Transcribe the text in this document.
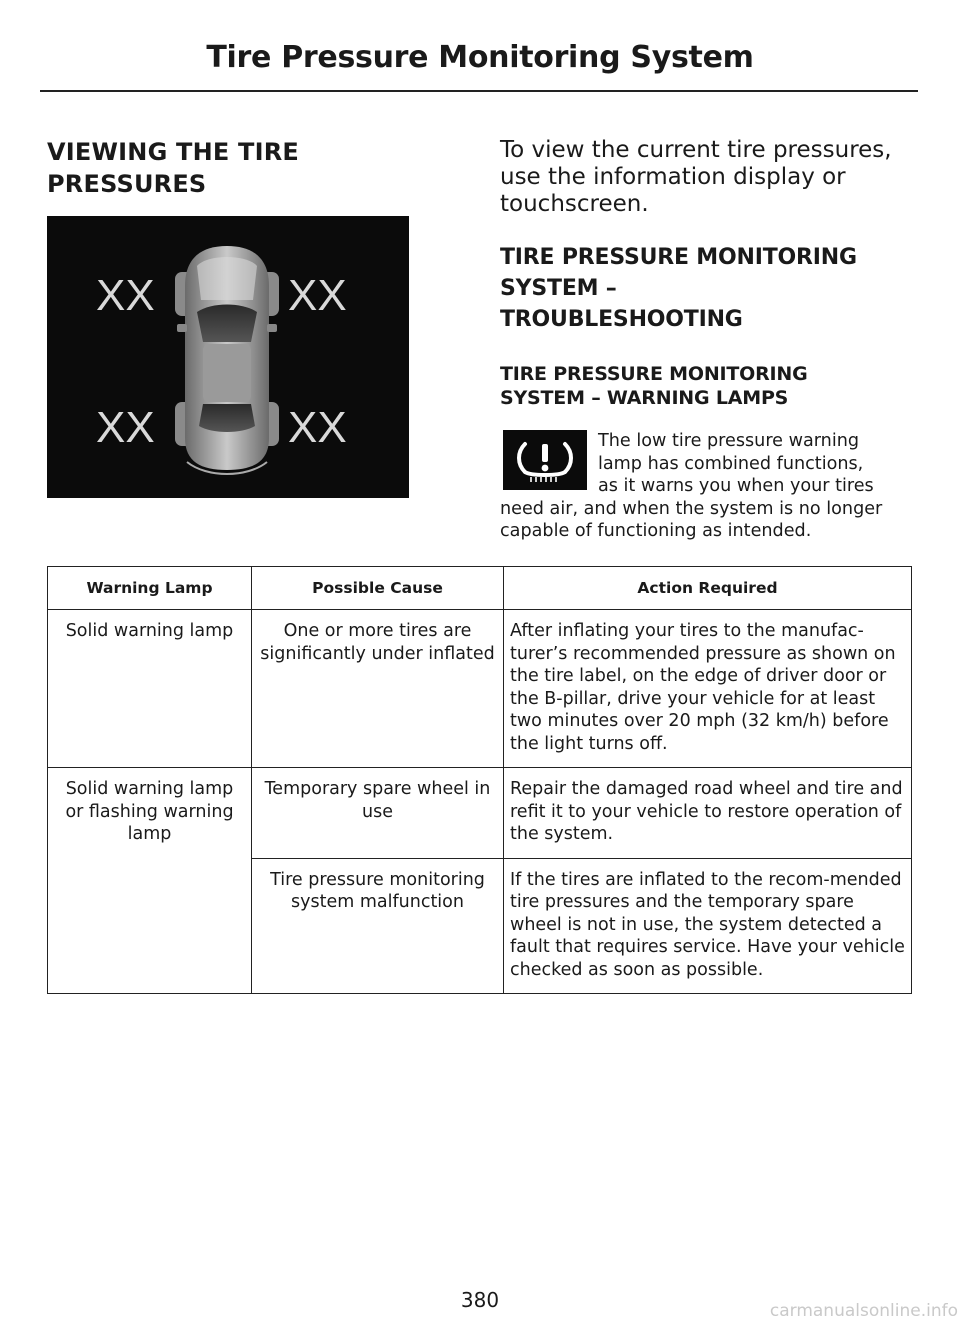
Tire Pressure Monitoring System
VIEWING THE TIRE
PRESSURES
XX	XX
XX	XX
To view the current tire pressures, use the information display or touchscreen.
TIRE PRESSURE MONITORING
SYSTEM –
TROUBLESHOOTING
TIRE PRESSURE MONITORING
SYSTEM – WARNING LAMPS
The low tire pressure warning
lamp has combined functions,
as it warns you when your tires
need air, and when the system is no longer capable of functioning as intended.
Warning Lamp	Possible Cause	Action Required
Solid warning lamp	One or more tires are significantly under inflated	After inflating your tires to the manufac-turer’s recommended pressure as shown on the tire label, on the edge of driver door or the B-pillar, drive your vehicle for at least two minutes over 20 mph (32 km/h) before the light turns off.
Solid warning lamp or flashing warning lamp	Temporary spare wheel in use	Repair the damaged road wheel and tire and refit it to your vehicle to restore operation of the system.
	Tire pressure monitoring system malfunction	If the tires are inflated to the recom-mended tire pressures and the temporary spare wheel is not in use, the system detected a fault that requires service. Have your vehicle checked as soon as possible.
380	carmanualsonline.info
